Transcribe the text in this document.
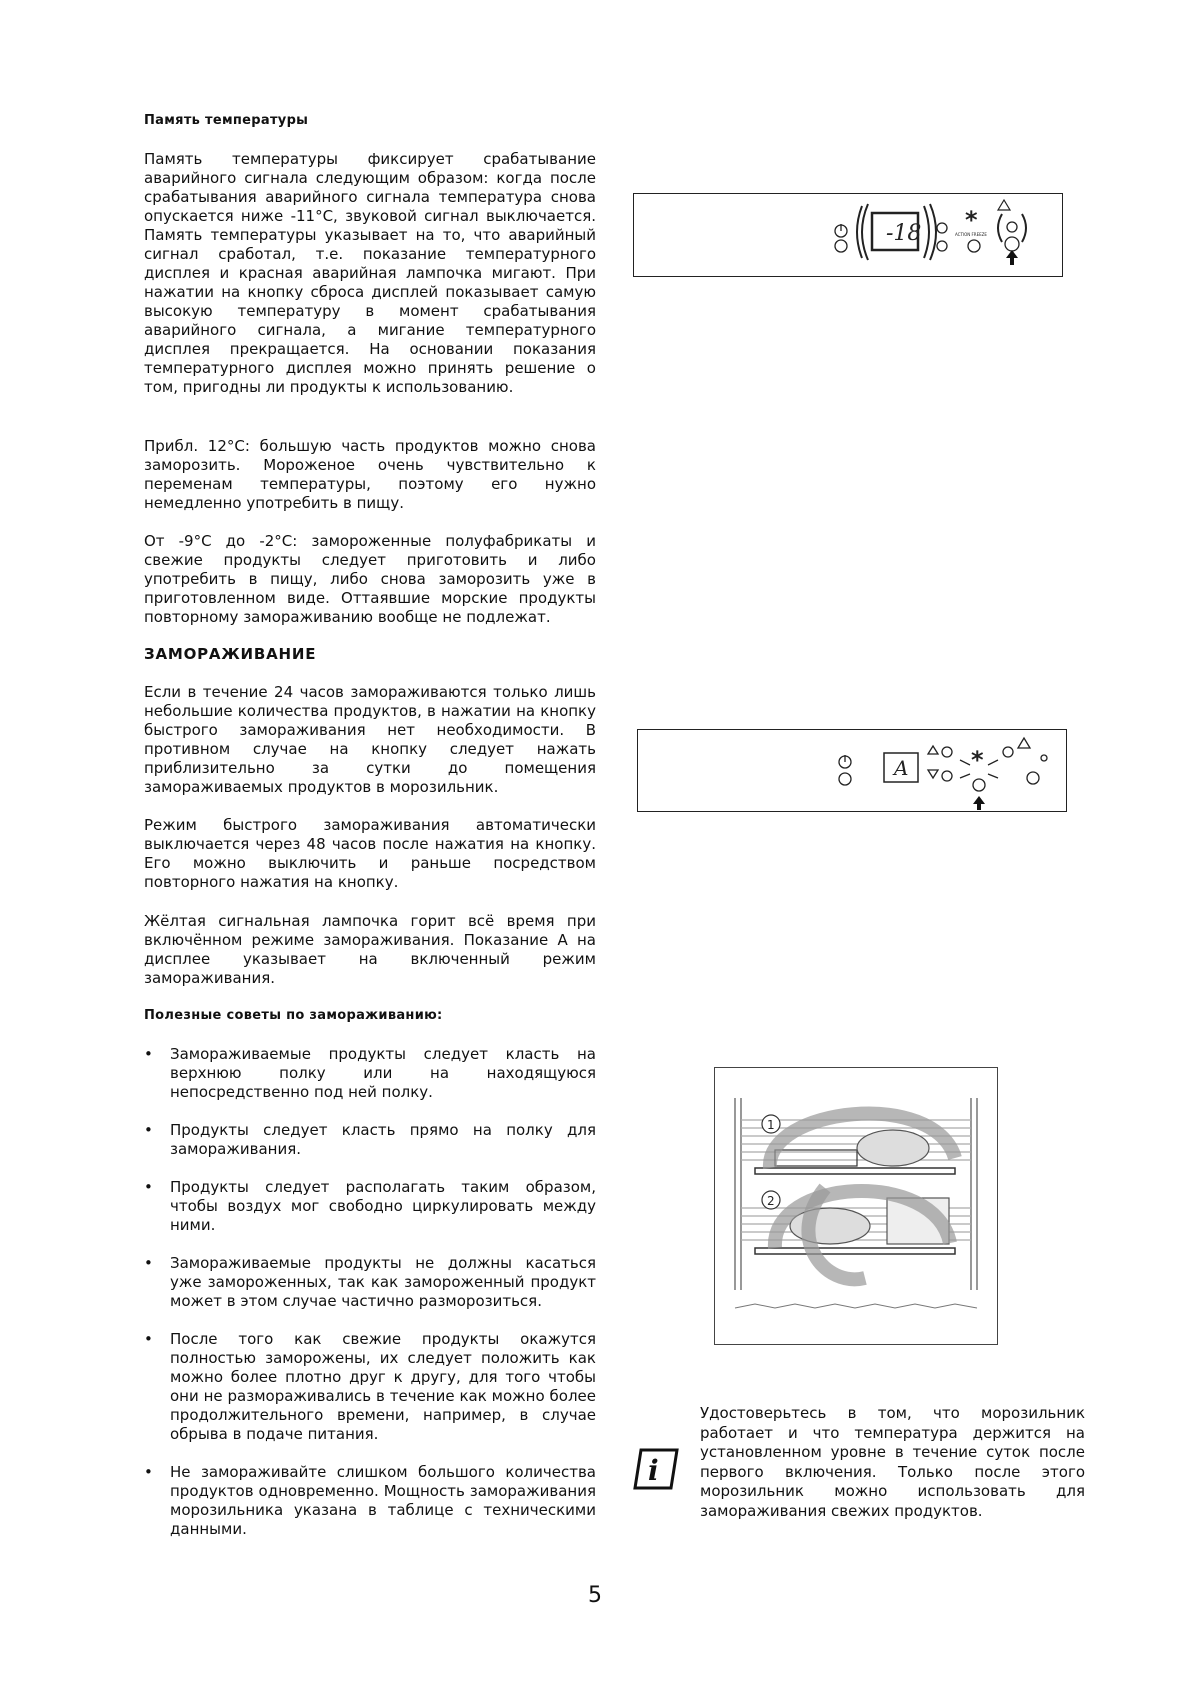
Память температуры
Память температуры фиксирует срабатывание аварийного сигнала следующим образом: когда после срабатывания аварийного сигнала температура снова опускается ниже -11°C, звуковой сигнал выключается. Память температуры указывает на то, что аварийный сигнал сработал, т.е. показание температурного дисплея и красная аварийная лампочка мигают. При нажатии на кнопку сброса дисплей показывает самую высокую температуру в момент срабатывания аварийного сигнала, а мигание температурного дисплея прекращается. На основании показания температурного дисплея можно принять решение о том, пригодны ли продукты к использованию.
Прибл. 12°C: большую часть продуктов можно снова заморозить. Мороженое очень чувствительно к переменам температуры, поэтому его нужно немедленно употребить в пищу.
От -9°C до -2°C: замороженные полуфабрикаты и свежие продукты следует приготовить и либо употребить в пищу, либо снова заморозить уже в приготовленном виде. Оттаявшие морские продукты повторному замораживанию вообще не подлежат.
ЗАМОРАЖИВАНИЕ
Если в течение 24 часов замораживаются только лишь небольшие количества продуктов, в нажатии на кнопку быстрого замораживания нет необходимости. В противном случае на кнопку следует нажать приблизительно за сутки до помещения замораживаемых продуктов в морозильник.
Режим быстрого замораживания автоматически выключается через 48 часов после нажатия на кнопку. Его можно выключить и раньше посредством повторного нажатия на кнопку.
Жёлтая сигнальная лампочка горит всё время при включённом режиме замораживания. Показание А на дисплее указывает на включенный режим замораживания.
Полезные советы по замораживанию:
• Замораживаемые продукты следует класть на верхнюю полку или на находящуюся непосредственно под ней полку.
• Продукты следует класть прямо на полку для замораживания.
• Продукты следует располагать таким образом, чтобы воздух мог свободно циркулировать между ними.
• Замораживаемые продукты не должны касаться уже замороженных, так как замороженный продукт может в этом случае частично разморозиться.
• После того как свежие продукты окажутся полностью заморожены, их следует положить как можно более плотно друг к другу, для того чтобы они не размораживались в течение как можно более продолжительного времени, например, в случае обрыва в подаче питания.
• Не замораживайте слишком большого количества продуктов одновременно. Мощность замораживания морозильника указана в таблице с техническими данными.
-18	ACTION FREEZE
*
A	*
1
2
i
Удостоверьтесь в том, что морозильник работает и что температура держится на установленном уровне в течение суток после первого включения. Только после этого морозильник можно использовать для замораживания свежих продуктов.
5
